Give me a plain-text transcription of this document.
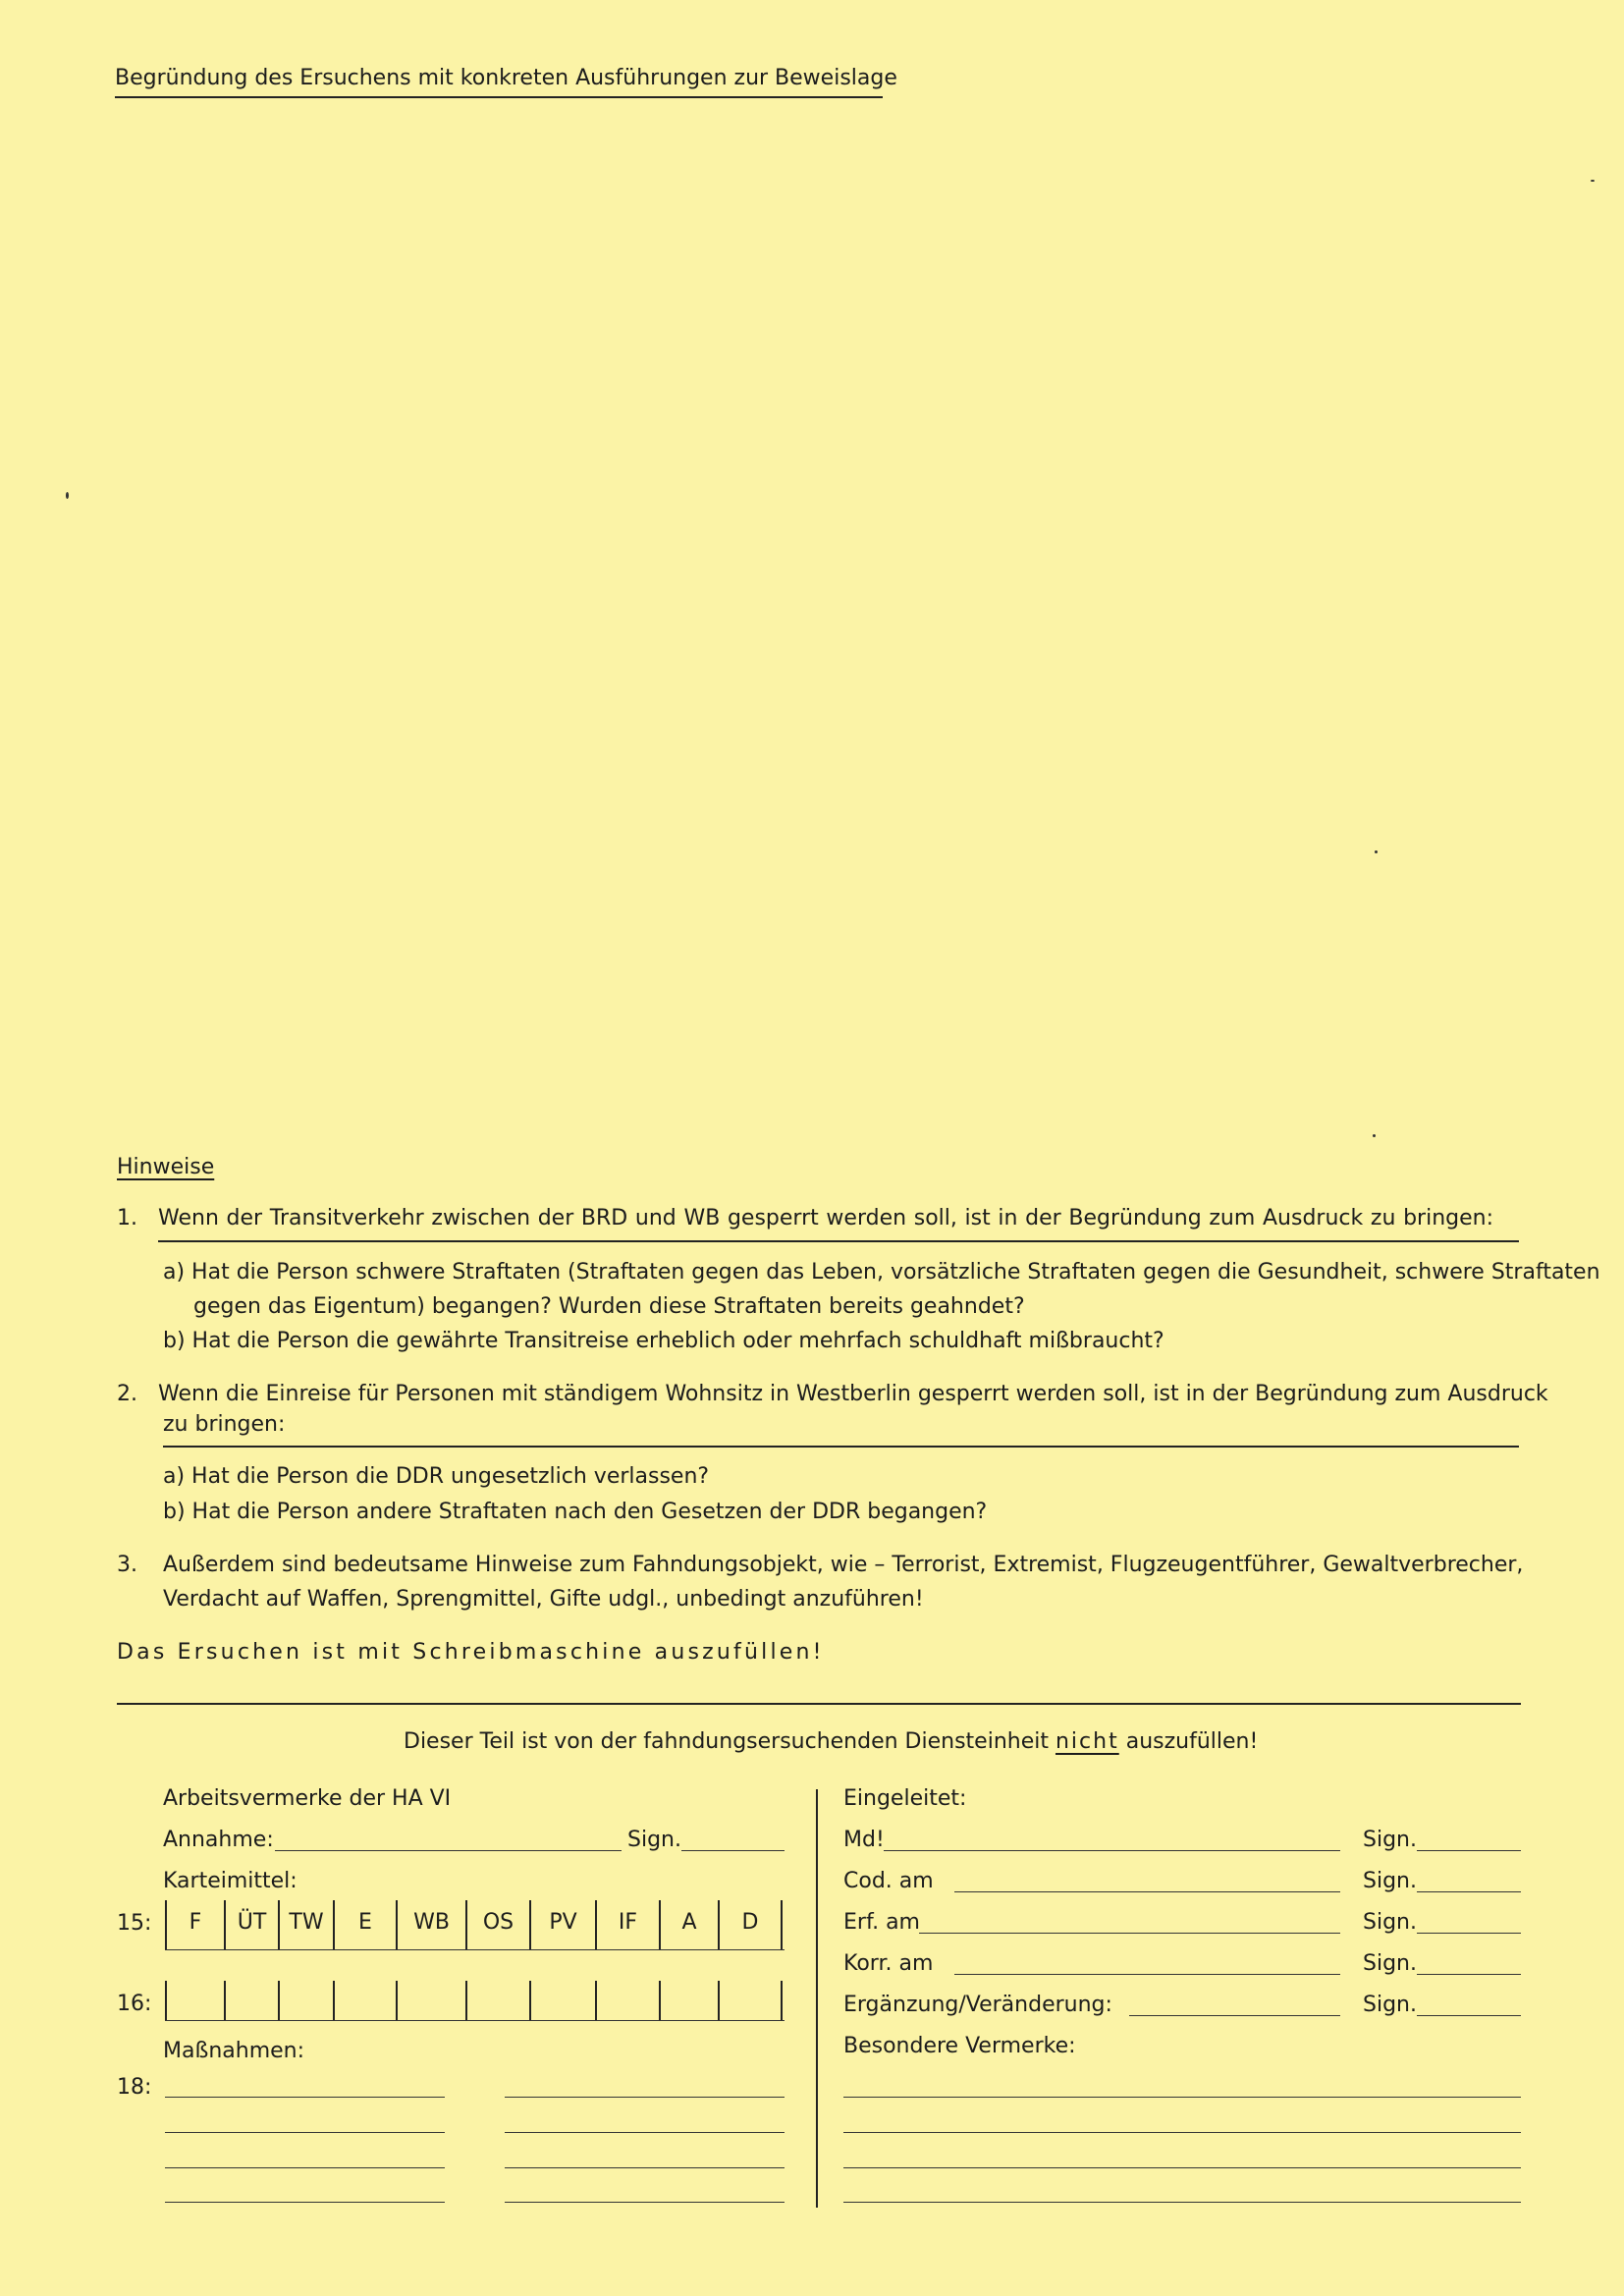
Begründung des Ersuchens mit konkreten Ausführungen zur Beweislage
Hinweise
1. Wenn der Transitverkehr zwischen der BRD und WB gesperrt werden soll, ist in der Begründung zum Ausdruck zu bringen:
a) Hat die Person schwere Straftaten (Straftaten gegen das Leben, vorsätzliche Straftaten gegen die Gesundheit, schwere Straftaten
gegen das Eigentum) begangen? Wurden diese Straftaten bereits geahndet?
b) Hat die Person die gewährte Transitreise erheblich oder mehrfach schuldhaft mißbraucht?
2. Wenn die Einreise für Personen mit ständigem Wohnsitz in Westberlin gesperrt werden soll, ist in der Begründung zum Ausdruck
zu bringen:
a) Hat die Person die DDR ungesetzlich verlassen?
b) Hat die Person andere Straftaten nach den Gesetzen der DDR begangen?
3. Außerdem sind bedeutsame Hinweise zum Fahndungsobjekt, wie – Terrorist, Extremist, Flugzeugentführer, Gewaltverbrecher,
Verdacht auf Waffen, Sprengmittel, Gifte udgl., unbedingt anzuführen!
Das Ersuchen ist mit Schreibmaschine auszufüllen!
Dieser Teil ist von der fahndungsersuchenden Diensteinheit nicht auszufüllen!
Arbeitsvermerke der HA VI
Annahme:	Sign.
Karteimittel:
15:	F	ÜT	TW	E	WB	OS	PV	IF	A	D
16:
Maßnahmen:
18:
Eingeleitet:
Md!	Sign.
Cod. am	Sign.
Erf. am	Sign.
Korr. am	Sign.
Ergänzung/Veränderung:	Sign.
Besondere Vermerke:
